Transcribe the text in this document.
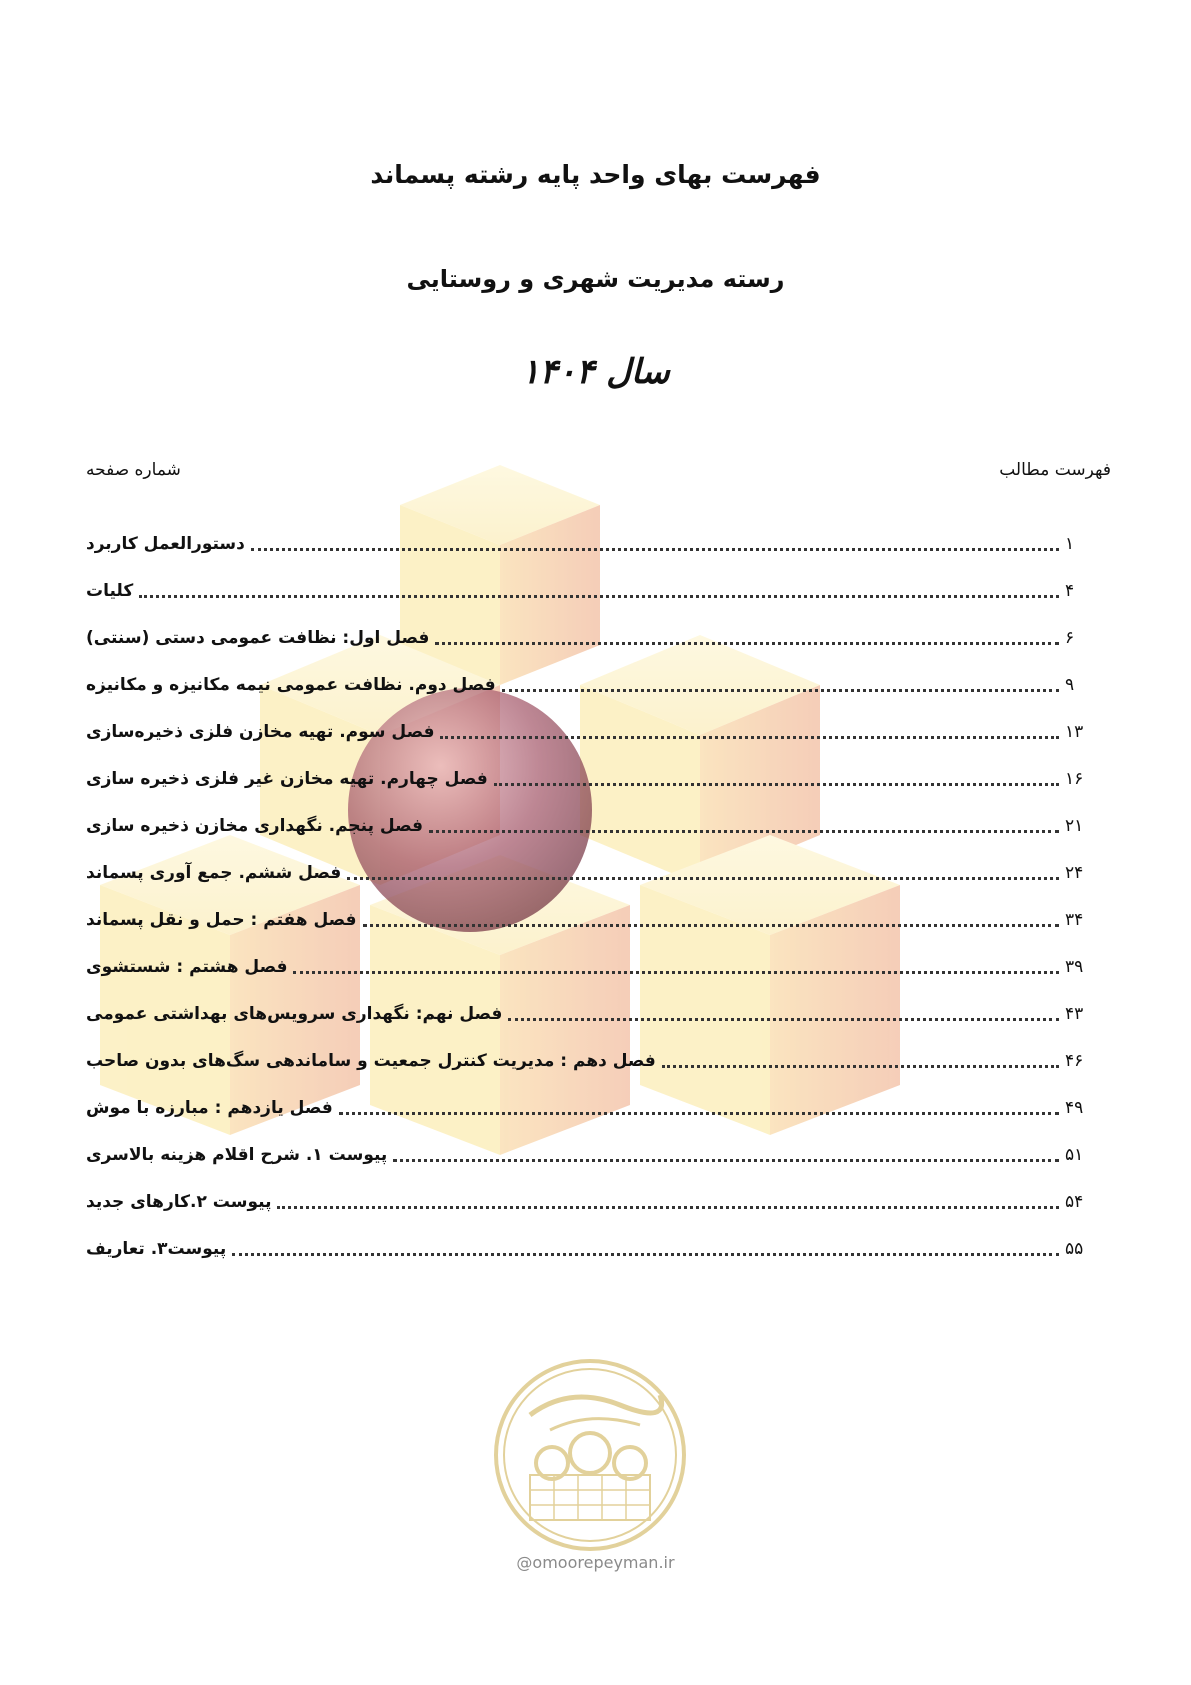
فهرست بهای واحد پایه رشته پسماند
رسته مدیریت شهری و روستایی
سال ۱۴۰۴
فهرست مطالب
شماره صفحه
دستورالعمل کاربرد	۱
کلیات	۴
فصل اول: نظافت عمومی دستی (سنتی)	۶
فصل دوم. نظافت عمومی نیمه مکانیزه و مکانیزه	۹
فصل سوم. تهیه مخازن فلزی ذخیره‌سازی	۱۳
فصل چهارم. تهیه مخازن غیر فلزی ذخیره سازی	۱۶
فصل پنجم. نگهداری مخازن ذخیره سازی	۲۱
فصل ششم. جمع آوری پسماند	۲۴
فصل هفتم : حمل و نقل پسماند	۳۴
فصل هشتم : شستشوی	۳۹
فصل نهم: نگهداری سرویس‌های بهداشتی عمومی	۴۳
فصل دهم : مدیریت کنترل جمعیت و ساماندهی سگ‌های بدون صاحب	۴۶
فصل یازدهم : مبارزه با موش	۴۹
پیوست ۱. شرح اقلام هزینه بالاسری	۵۱
پیوست ۲.کارهای جدید	۵۴
پیوست۳. تعاریف	۵۵
@omoorepeyman.ir
